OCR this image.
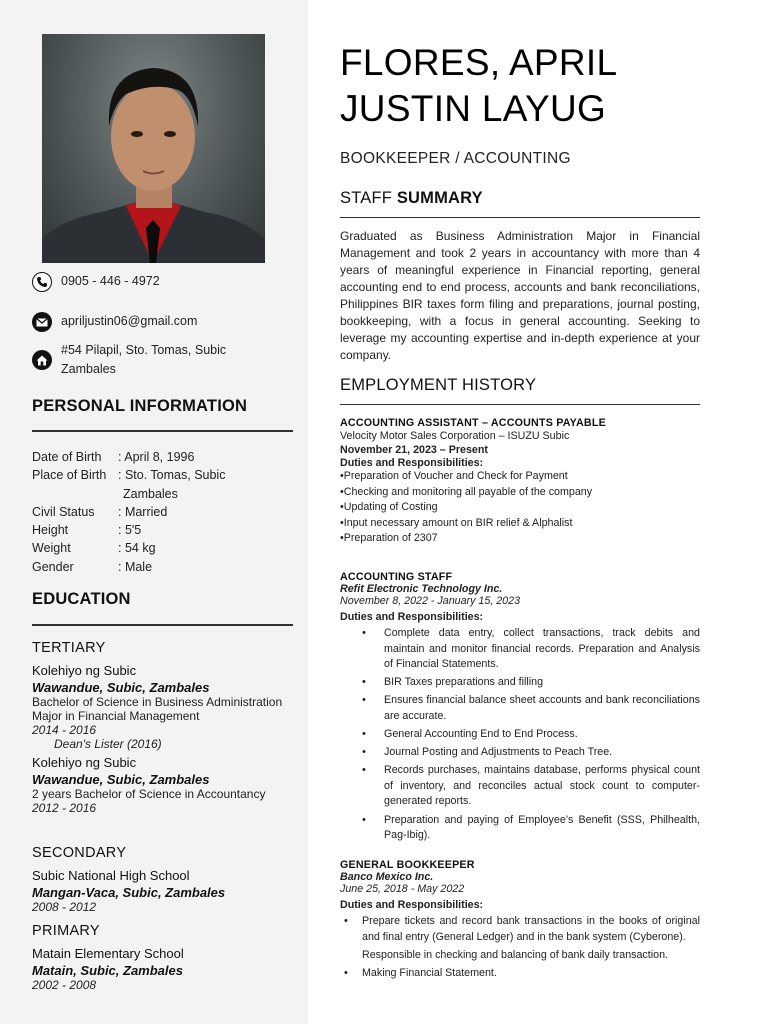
0905 - 446 - 4972
apriljustin06@gmail.com
#54 Pilapil, Sto. Tomas, Subic Zambales
PERSONAL INFORMATION
Date of Birth	: April 8, 1996
Place of Birth : Sto. Tomas, Subic
Zambales
Civil Status	: Married
Height	: 5'5
Weight	: 54 kg
Gender	: Male
EDUCATION
TERTIARY
Kolehiyo ng Subic
Wawandue, Subic, Zambales
Bachelor of Science in Business Administration Major in Financial Management
2014 - 2016
Dean's Lister (2016)
Kolehiyo ng Subic
Wawandue, Subic, Zambales
2 years Bachelor of Science in Accountancy
2012 - 2016
SECONDARY
Subic National High School
Mangan-Vaca, Subic, Zambales
2008 - 2012
PRIMARY
Matain Elementary School
Matain, Subic, Zambales
2002 - 2008
FLORES, APRIL
JUSTIN LAYUG
BOOKKEEPER / ACCOUNTING
STAFF SUMMARY
Graduated as Business Administration Major in Financial Management and took 2 years in accountancy with more than 4 years of meaningful experience in Financial reporting, general accounting end to end process, accounts and bank reconciliations, Philippines BIR taxes form filing and preparations, journal posting, bookkeeping, with a focus in general accounting. Seeking to leverage my accounting expertise and in-depth experience at your company.
EMPLOYMENT HISTORY
ACCOUNTING ASSISTANT – ACCOUNTS PAYABLE
Velocity Motor Sales Corporation – ISUZU Subic
November 21, 2023 – Present
Duties and Responsibilities:
•Preparation of Voucher and Check for Payment
•Checking and monitoring all payable of the company
•Updating of Costing
•Input necessary amount on BIR relief & Alphalist
•Preparation of 2307
ACCOUNTING STAFF
Refit Electronic Technology Inc.
November 8, 2022 - January 15, 2023
Duties and Responsibilities:
• Complete data entry, collect transactions, track debits and maintain and monitor financial records. Preparation and Analysis of Financial Statements.
• BIR Taxes preparations and filling
• Ensures financial balance sheet accounts and bank reconciliations are accurate.
• General Accounting End to End Process.
• Journal Posting and Adjustments to Peach Tree.
• Records purchases, maintains database, performs physical count of inventory, and reconciles actual stock count to computer-generated reports.
• Preparation and paying of Employee’s Benefit (SSS, Philhealth, Pag-Ibig).
GENERAL BOOKKEEPER
Banco Mexico Inc.
June 25, 2018 - May 2022
Duties and Responsibilities:
• Prepare tickets and record bank transactions in the books of original and final entry (General Ledger) and in the bank system (Cyberone).
Responsible in checking and balancing of bank daily transaction.
• Making Financial Statement.
